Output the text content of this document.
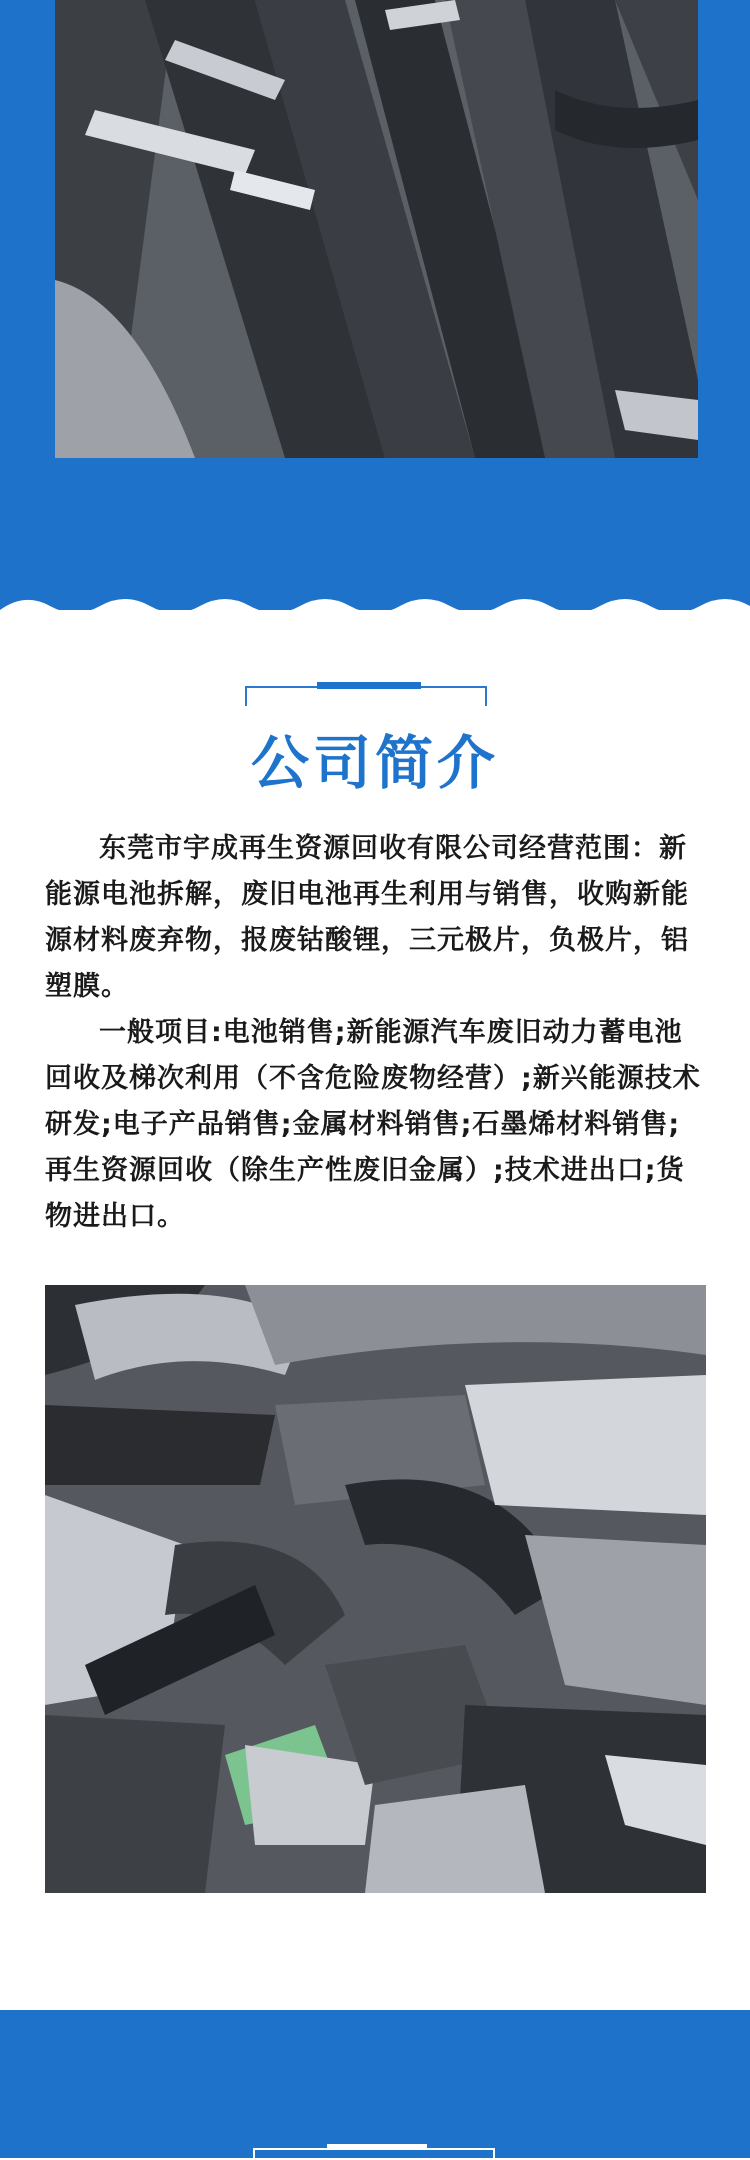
公司简介

东莞市宇成再生资源回收有限公司经营范围：新能源电池拆解，废旧电池再生利用与销售，收购新能源材料废弃物，报废钴酸锂，三元极片，负极片，铝塑膜。

一般项目:电池销售;新能源汽车废旧动力蓄电池回收及梯次利用（不含危险废物经营）;新兴能源技术研发;电子产品销售;金属材料销售;石墨烯材料销售;再生资源回收（除生产性废旧金属）;技术进出口;货物进出口。
